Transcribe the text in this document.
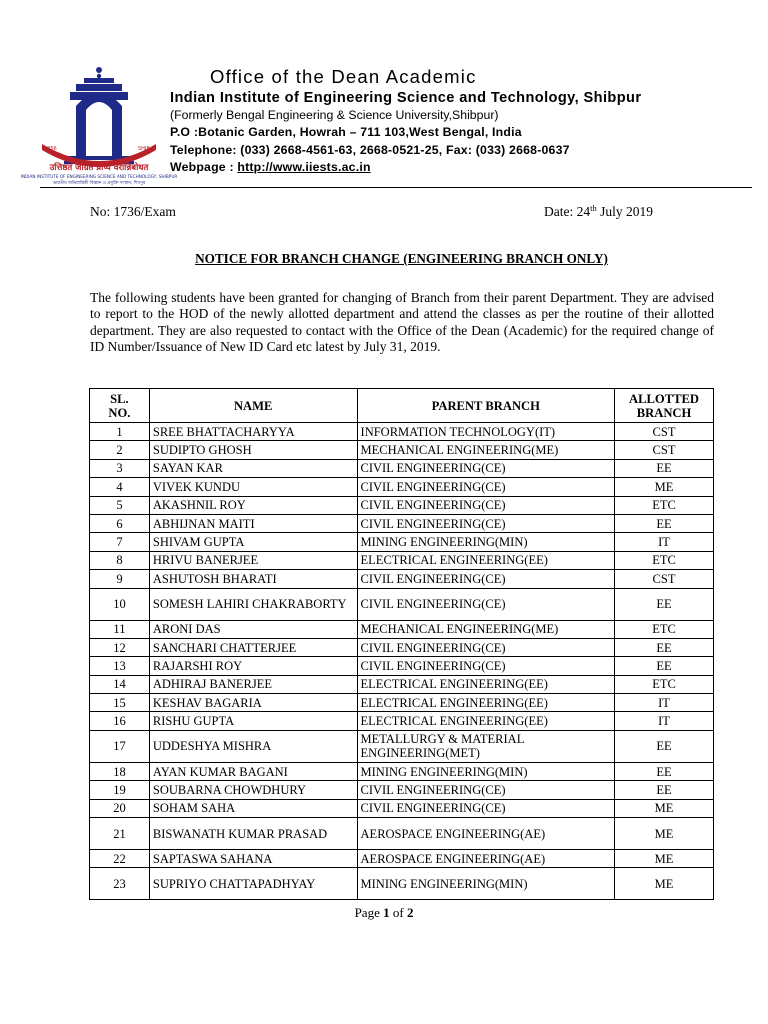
1856	SHIB.
उत्तिष्ठत जाग्रत प्राप्य वरान्निबोधत
INDIAN INSTITUTE OF ENGINEERING SCIENCE AND TECHNOLOGY, SHIBPUR
ভারতীয় অভিযান্ত্রিকী বিজ্ঞান ও প্রযুক্তি সংস্থান, শিবপুর
Office of the Dean Academic
Indian Institute of Engineering Science and Technology, Shibpur
(Formerly Bengal Engineering & Science University,Shibpur)
P.O :Botanic Garden, Howrah – 711 103,West Bengal, India
Telephone: (033) 2668-4561-63, 2668-0521-25, Fax: (033) 2668-0637
Webpage : http://www.iiests.ac.in
No: 1736/Exam	Date: 24th July 2019
NOTICE FOR BRANCH CHANGE (ENGINEERING BRANCH ONLY)
The following students have been granted for changing of Branch from their parent Department. They are advised to report to the HOD of the newly allotted department and attend the classes as per the routine of their allotted department. They are also requested to contact with the Office of the Dean (Academic) for the required change of ID Number/Issuance of New ID Card etc latest by July 31, 2019.
SL.
NO.	NAME	PARENT BRANCH	ALLOTTED
BRANCH
1	SREE BHATTACHARYYA	INFORMATION TECHNOLOGY(IT)	CST
2	SUDIPTO GHOSH	MECHANICAL ENGINEERING(ME)	CST
3	SAYAN KAR	CIVIL ENGINEERING(CE)	EE
4	VIVEK KUNDU	CIVIL ENGINEERING(CE)	ME
5	AKASHNIL ROY	CIVIL ENGINEERING(CE)	ETC
6	ABHIJNAN MAITI	CIVIL ENGINEERING(CE)	EE
7	SHIVAM GUPTA	MINING ENGINEERING(MIN)	IT
8	HRIVU BANERJEE	ELECTRICAL ENGINEERING(EE)	ETC
9	ASHUTOSH BHARATI	CIVIL ENGINEERING(CE)	CST
10	SOMESH LAHIRI CHAKRABORTY	CIVIL ENGINEERING(CE)	EE
11	ARONI DAS	MECHANICAL ENGINEERING(ME)	ETC
12	SANCHARI CHATTERJEE	CIVIL ENGINEERING(CE)	EE
13	RAJARSHI ROY	CIVIL ENGINEERING(CE)	EE
14	ADHIRAJ BANERJEE	ELECTRICAL ENGINEERING(EE)	ETC
15	KESHAV BAGARIA	ELECTRICAL ENGINEERING(EE)	IT
16	RISHU GUPTA	ELECTRICAL ENGINEERING(EE)	IT
17	UDDESHYA MISHRA	METALLURGY & MATERIAL ENGINEERING(MET)	EE
18	AYAN KUMAR BAGANI	MINING ENGINEERING(MIN)	EE
19	SOUBARNA CHOWDHURY	CIVIL ENGINEERING(CE)	EE
20	SOHAM SAHA	CIVIL ENGINEERING(CE)	ME
21	BISWANATH KUMAR PRASAD	AEROSPACE ENGINEERING(AE)	ME
22	SAPTASWA SAHANA	AEROSPACE ENGINEERING(AE)	ME
23	SUPRIYO CHATTAPADHYAY	MINING ENGINEERING(MIN)	ME
Page 1 of 2
